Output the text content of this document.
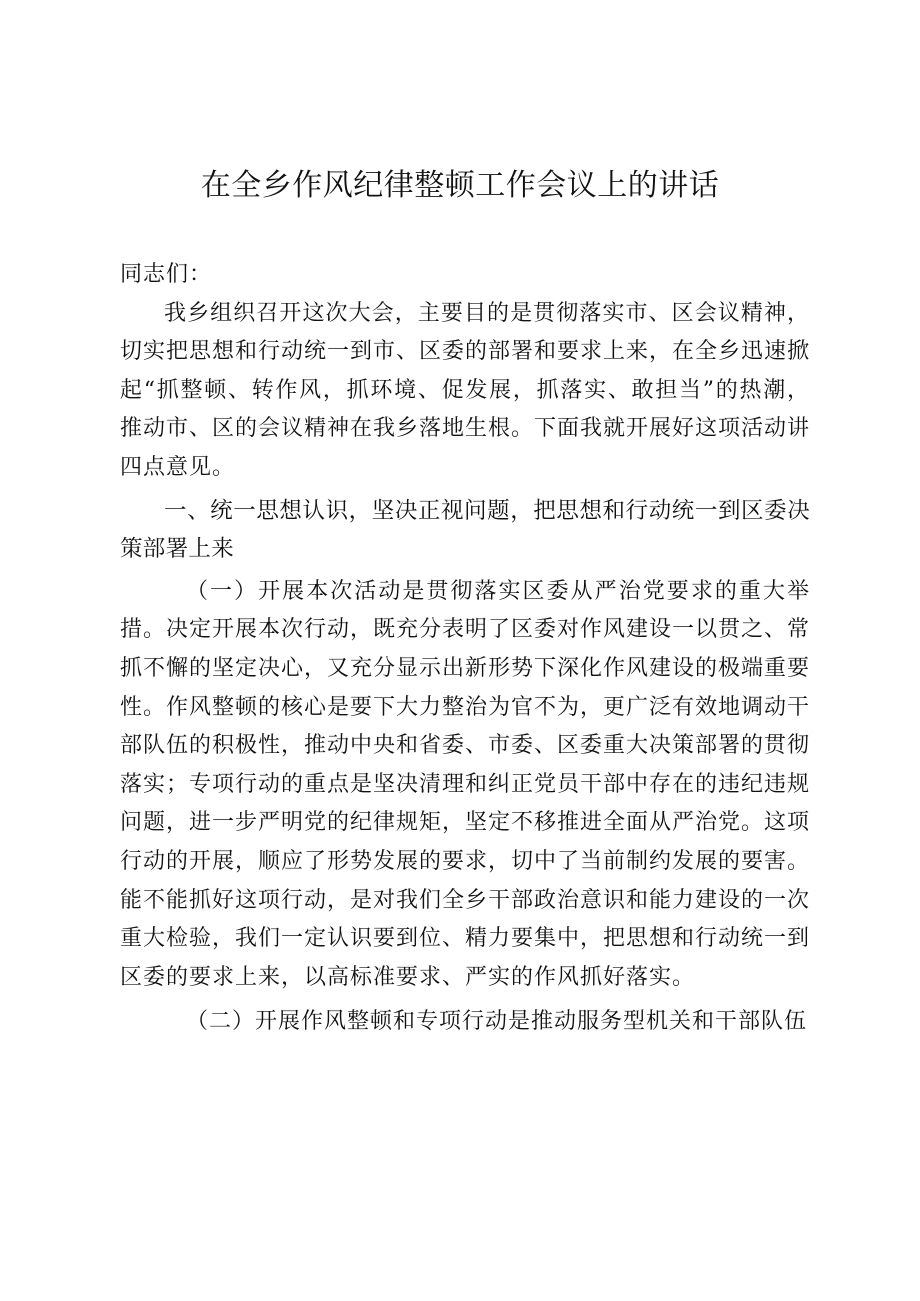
在全乡作风纪律整顿工作会议上的讲话

同志们：

我乡组织召开这次大会，主要目的是贯彻落实市、区会议精神，切实把思想和行动统一到市、区委的部署和要求上来，在全乡迅速掀起“抓整顿、转作风，抓环境、促发展，抓落实、敢担当”的热潮，推动市、区的会议精神在我乡落地生根。下面我就开展好这项活动讲四点意见。

一、统一思想认识，坚决正视问题，把思想和行动统一到区委决策部署上来

（一）开展本次活动是贯彻落实区委从严治党要求的重大举措。决定开展本次行动，既充分表明了区委对作风建设一以贯之、常抓不懈的坚定决心，又充分显示出新形势下深化作风建设的极端重要性。作风整顿的核心是要下大力整治为官不为，更广泛有效地调动干部队伍的积极性，推动中央和省委、市委、区委重大决策部署的贯彻落实；专项行动的重点是坚决清理和纠正党员干部中存在的违纪违规问题，进一步严明党的纪律规矩，坚定不移推进全面从严治党。这项行动的开展，顺应了形势发展的要求，切中了当前制约发展的要害。能不能抓好这项行动，是对我们全乡干部政治意识和能力建设的一次重大检验，我们一定认识要到位、精力要集中，把思想和行动统一到区委的要求上来，以高标准要求、严实的作风抓好落实。

（二）开展作风整顿和专项行动是推动服务型机关和干部队伍
